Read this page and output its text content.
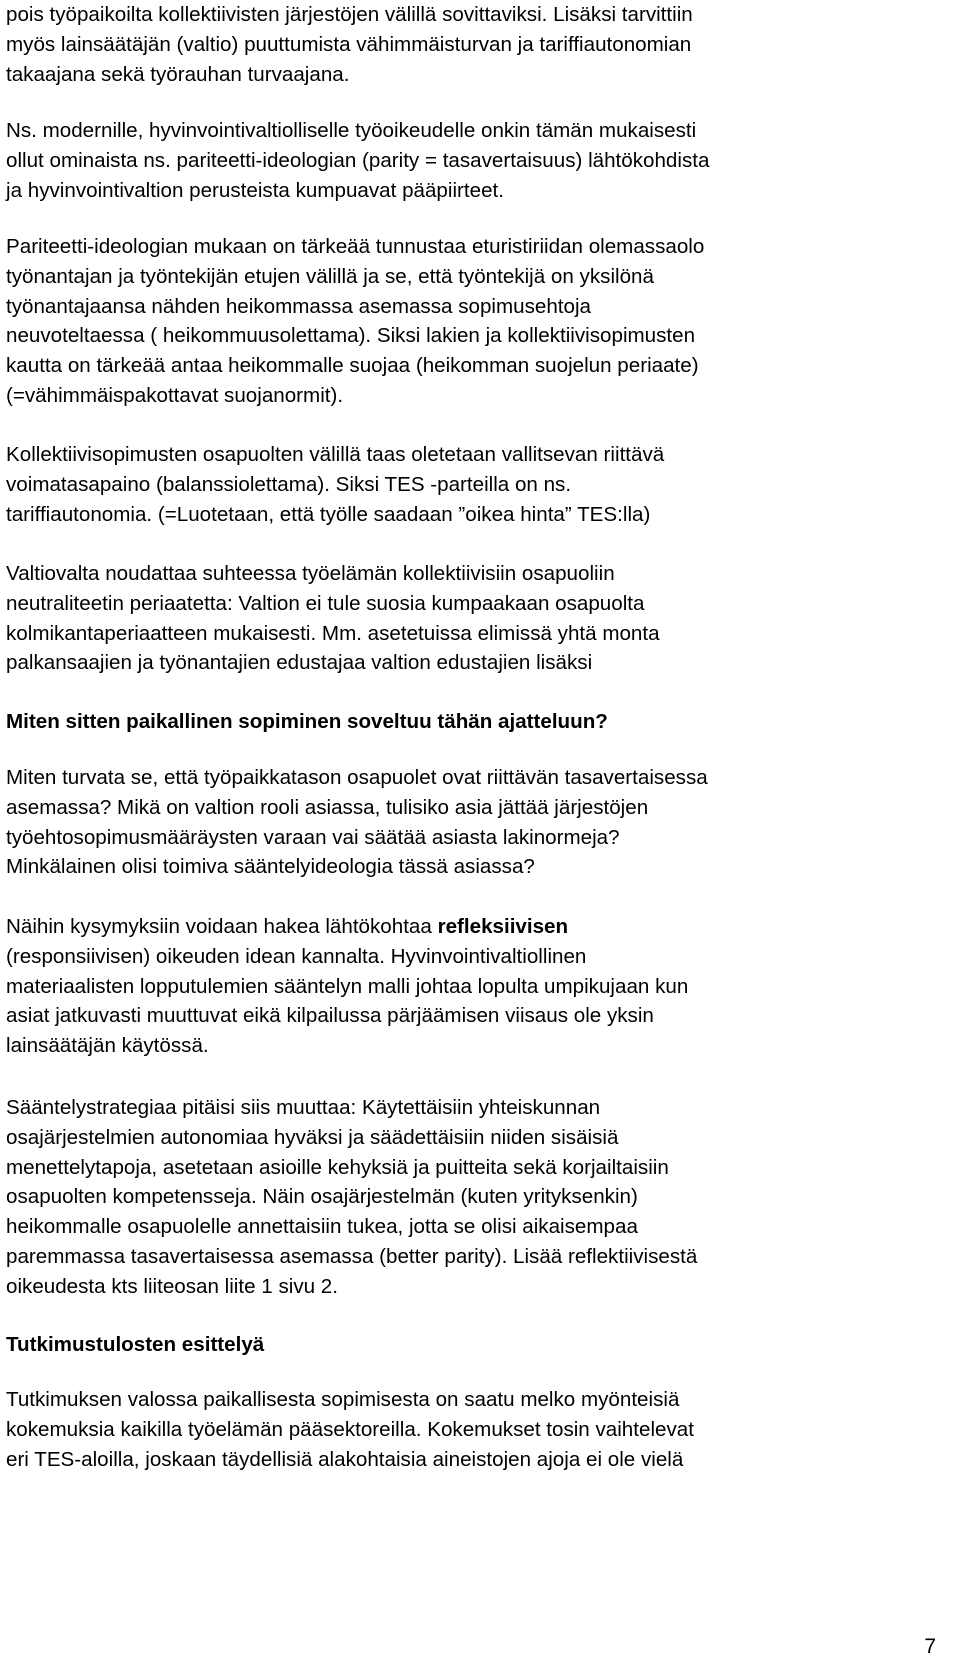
pois työpaikoilta kollektiivisten järjestöjen välillä sovittaviksi. Lisäksi tarvittiin
myös lainsäätäjän (valtio) puuttumista vähimmäisturvan ja tariffiautonomian
takaajana sekä työrauhan turvaajana.

Ns. modernille, hyvinvointivaltiolliselle työoikeudelle onkin tämän mukaisesti
ollut ominaista ns. pariteetti-ideologian (parity = tasavertaisuus) lähtökohdista
ja hyvinvointivaltion perusteista kumpuavat pääpiirteet.

Pariteetti-ideologian mukaan on tärkeää tunnustaa eturistiriidan olemassaolo
työnantajan ja työntekijän etujen välillä ja se, että työntekijä on yksilönä
työnantajaansa nähden heikommassa asemassa sopimusehtoja
neuvoteltaessa ( heikommuusolettama). Siksi lakien ja kollektiivisopimusten
kautta on tärkeää antaa heikommalle suojaa (heikomman suojelun periaate)
(=vähimmäispakottavat suojanormit).

Kollektiivisopimusten osapuolten välillä taas oletetaan vallitsevan riittävä
voimatasapaino (balanssiolettama). Siksi TES -parteilla on ns.
tariffiautonomia. (=Luotetaan, että työlle saadaan ”oikea hinta” TES:lla)

Valtiovalta noudattaa suhteessa työelämän kollektiivisiin osapuoliin
neutraliteetin periaatetta: Valtion ei tule suosia kumpaakaan osapuolta
kolmikantaperiaatteen mukaisesti. Mm. asetetuissa elimissä yhtä monta
palkansaajien ja työnantajien edustajaa valtion edustajien lisäksi

Miten sitten paikallinen sopiminen soveltuu tähän ajatteluun?

Miten turvata se, että työpaikkatason osapuolet ovat riittävän tasavertaisessa
asemassa? Mikä on valtion rooli asiassa, tulisiko asia jättää järjestöjen
työehtosopimusmääräysten varaan vai säätää asiasta lakinormeja?
Minkälainen olisi toimiva sääntelyideologia tässä asiassa?

Näihin kysymyksiin voidaan hakea lähtökohtaa refleksiivisen
(responsiivisen) oikeuden idean kannalta. Hyvinvointivaltiollinen
materiaalisten lopputulemien sääntelyn malli johtaa lopulta umpikujaan kun
asiat jatkuvasti muuttuvat eikä kilpailussa pärjäämisen viisaus ole yksin
lainsäätäjän käytössä.

Sääntelystrategiaa pitäisi siis muuttaa: Käytettäisiin yhteiskunnan
osajärjestelmien autonomiaa hyväksi ja säädettäisiin niiden sisäisiä
menettelytapoja, asetetaan asioille kehyksiä ja puitteita sekä korjailtaisiin
osapuolten kompetensseja. Näin osajärjestelmän (kuten yrityksenkin)
heikommalle osapuolelle annettaisiin tukea, jotta se olisi aikaisempaa
paremmassa tasavertaisessa asemassa (better parity). Lisää reflektiivisestä
oikeudesta kts liiteosan liite 1 sivu 2.

Tutkimustulosten esittelyä

Tutkimuksen valossa paikallisesta sopimisesta on saatu melko myönteisiä
kokemuksia kaikilla työelämän pääsektoreilla. Kokemukset tosin vaihtelevat
eri TES-aloilla, joskaan täydellisiä alakohtaisia aineistojen ajoja ei ole vielä

7
